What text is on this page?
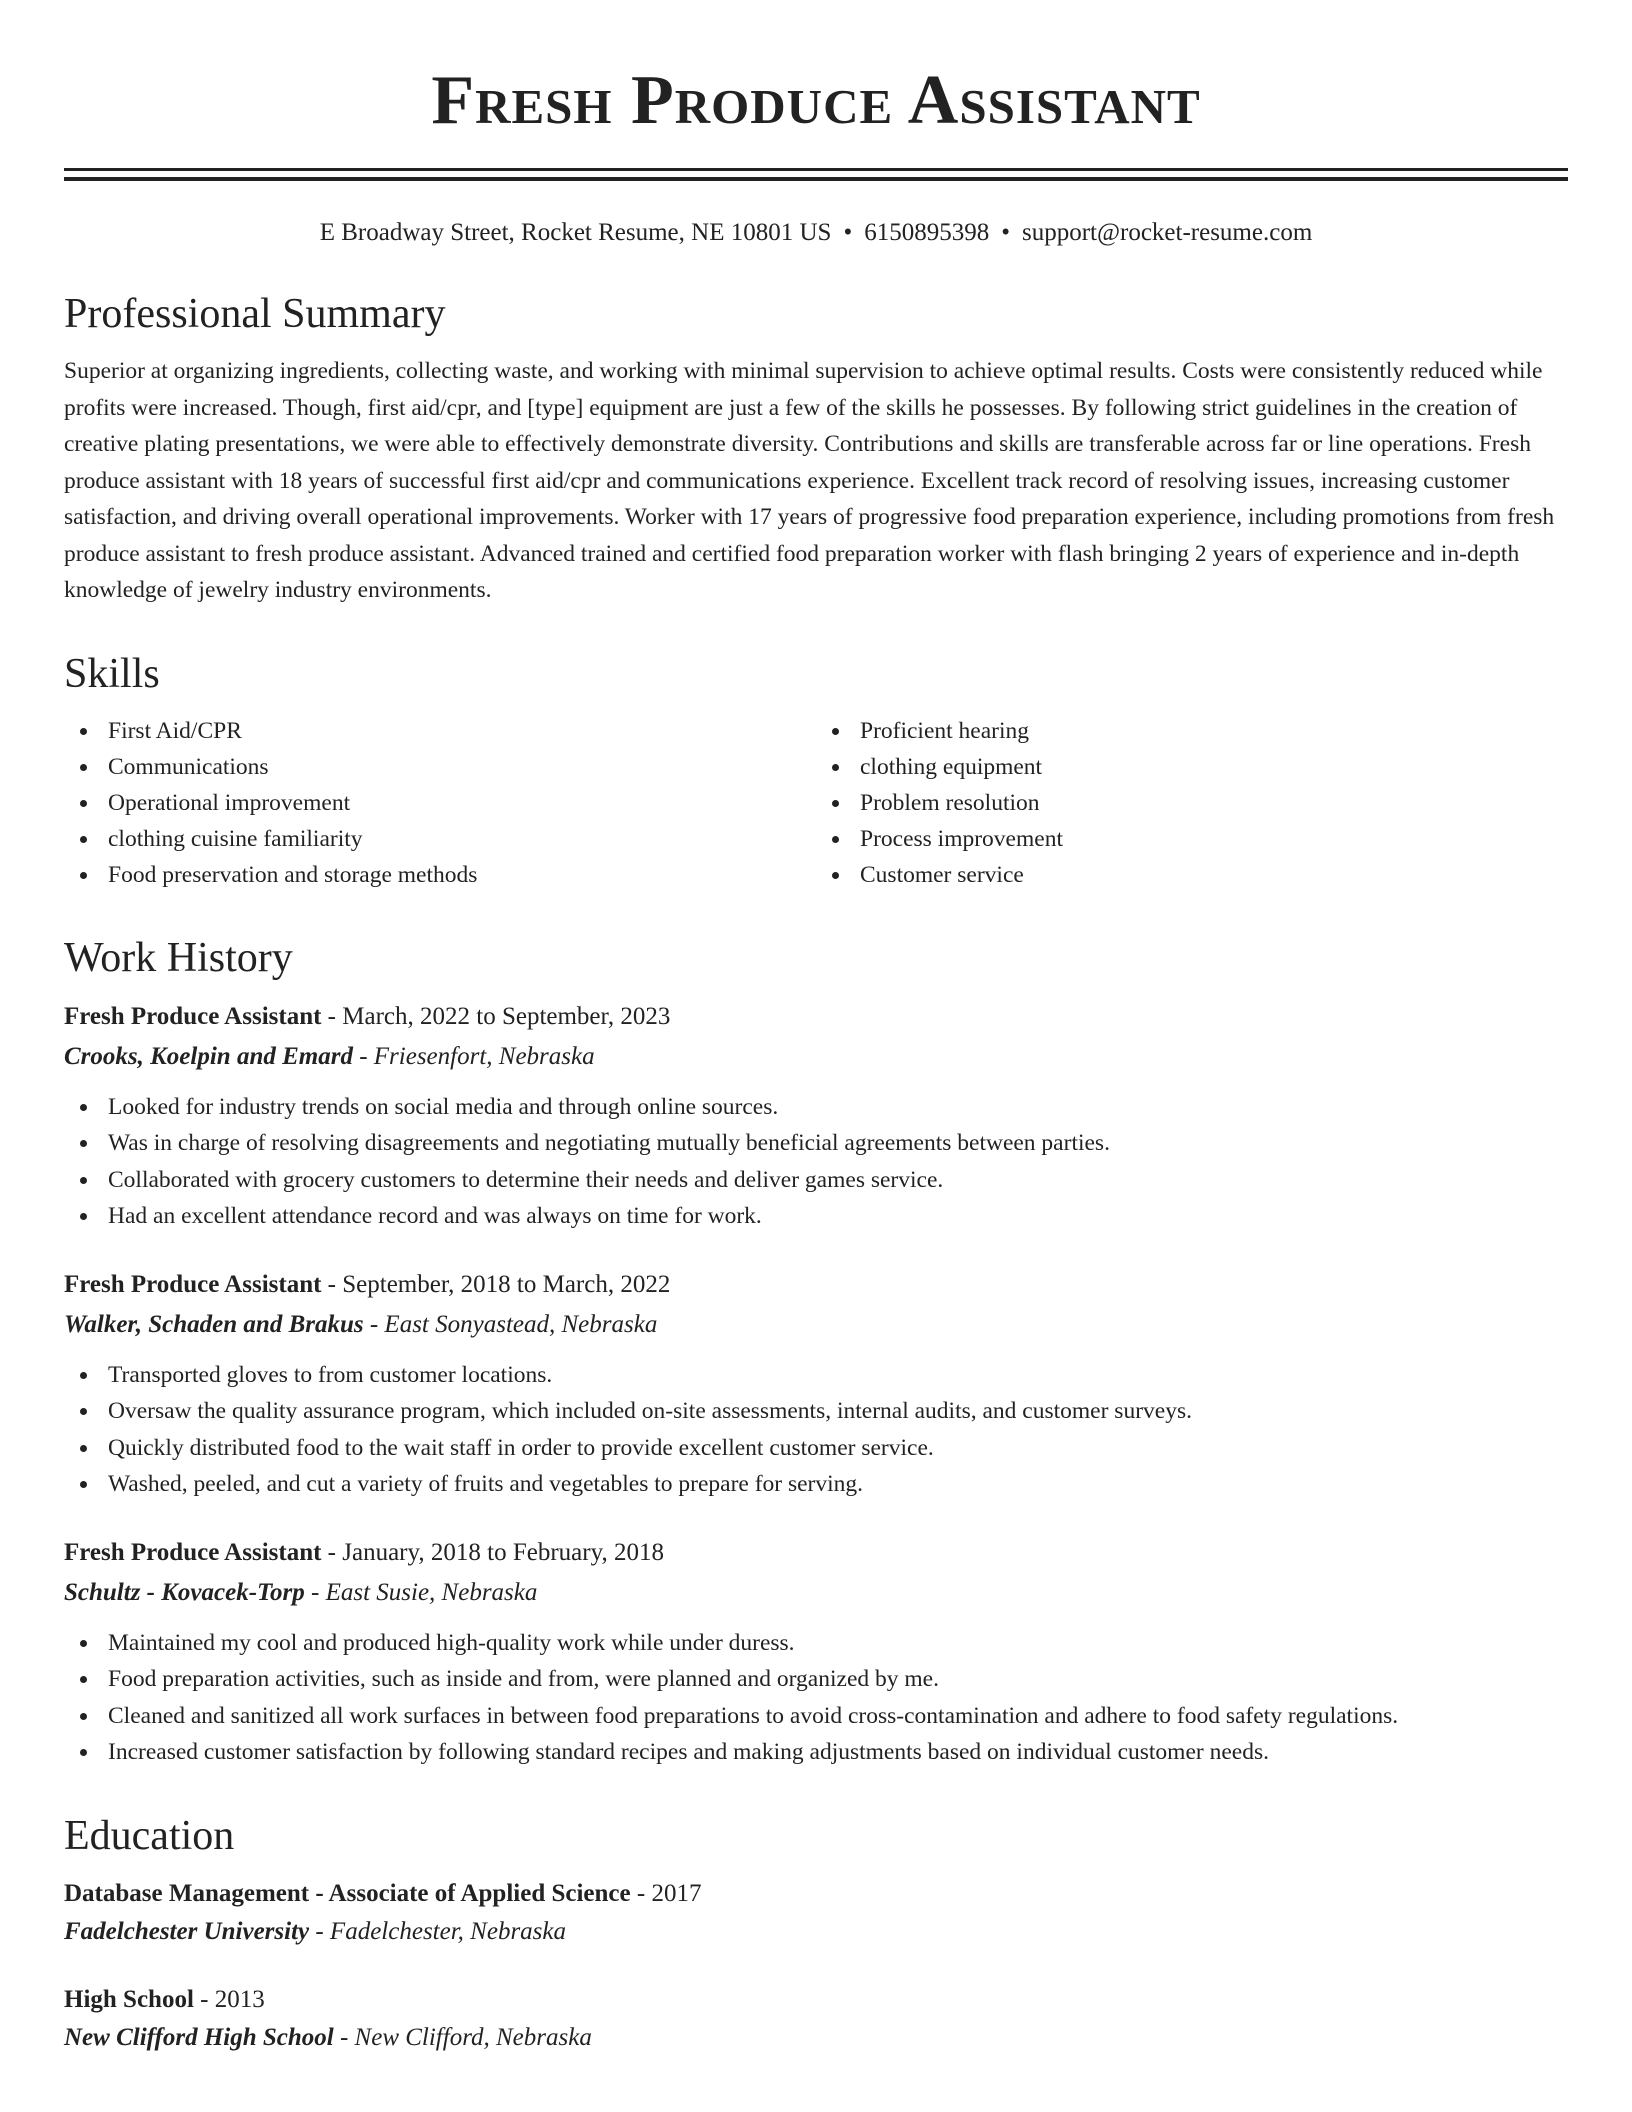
Fresh Produce Assistant
E Broadway Street, Rocket Resume, NE 10801 US • 6150895398 • support@rocket-resume.com
Professional Summary

Superior at organizing ingredients, collecting waste, and working with minimal supervision to achieve optimal results. Costs were consistently reduced while profits were increased. Though, first aid/cpr, and [type] equipment are just a few of the skills he possesses. By following strict guidelines in the creation of creative plating presentations, we were able to effectively demonstrate diversity. Contributions and skills are transferable across far or line operations. Fresh produce assistant with 18 years of successful first aid/cpr and communications experience. Excellent track record of resolving issues, increasing customer satisfaction, and driving overall operational improvements. Worker with 17 years of progressive food preparation experience, including promotions from fresh produce assistant to fresh produce assistant. Advanced trained and certified food preparation worker with flash bringing 2 years of experience and in-depth knowledge of jewelry industry environments.

Skills
First Aid/CPR
Communications
Operational improvement
clothing cuisine familiarity
Food preservation and storage methods
Proficient hearing
clothing equipment
Problem resolution
Process improvement
Customer service
Work History
Fresh Produce Assistant - March, 2022 to September, 2023
Crooks, Koelpin and Emard - Friesenfort, Nebraska
Looked for industry trends on social media and through online sources.
Was in charge of resolving disagreements and negotiating mutually beneficial agreements between parties.
Collaborated with grocery customers to determine their needs and deliver games service.
Had an excellent attendance record and was always on time for work.
Fresh Produce Assistant - September, 2018 to March, 2022
Walker, Schaden and Brakus - East Sonyastead, Nebraska
Transported gloves to from customer locations.
Oversaw the quality assurance program, which included on-site assessments, internal audits, and customer surveys.
Quickly distributed food to the wait staff in order to provide excellent customer service.
Washed, peeled, and cut a variety of fruits and vegetables to prepare for serving.
Fresh Produce Assistant - January, 2018 to February, 2018
Schultz - Kovacek-Torp - East Susie, Nebraska
Maintained my cool and produced high-quality work while under duress.
Food preparation activities, such as inside and from, were planned and organized by me.
Cleaned and sanitized all work surfaces in between food preparations to avoid cross-contamination and adhere to food safety regulations.
Increased customer satisfaction by following standard recipes and making adjustments based on individual customer needs.
Education
Database Management - Associate of Applied Science - 2017
Fadelchester University - Fadelchester, Nebraska
High School - 2013
New Clifford High School - New Clifford, Nebraska
